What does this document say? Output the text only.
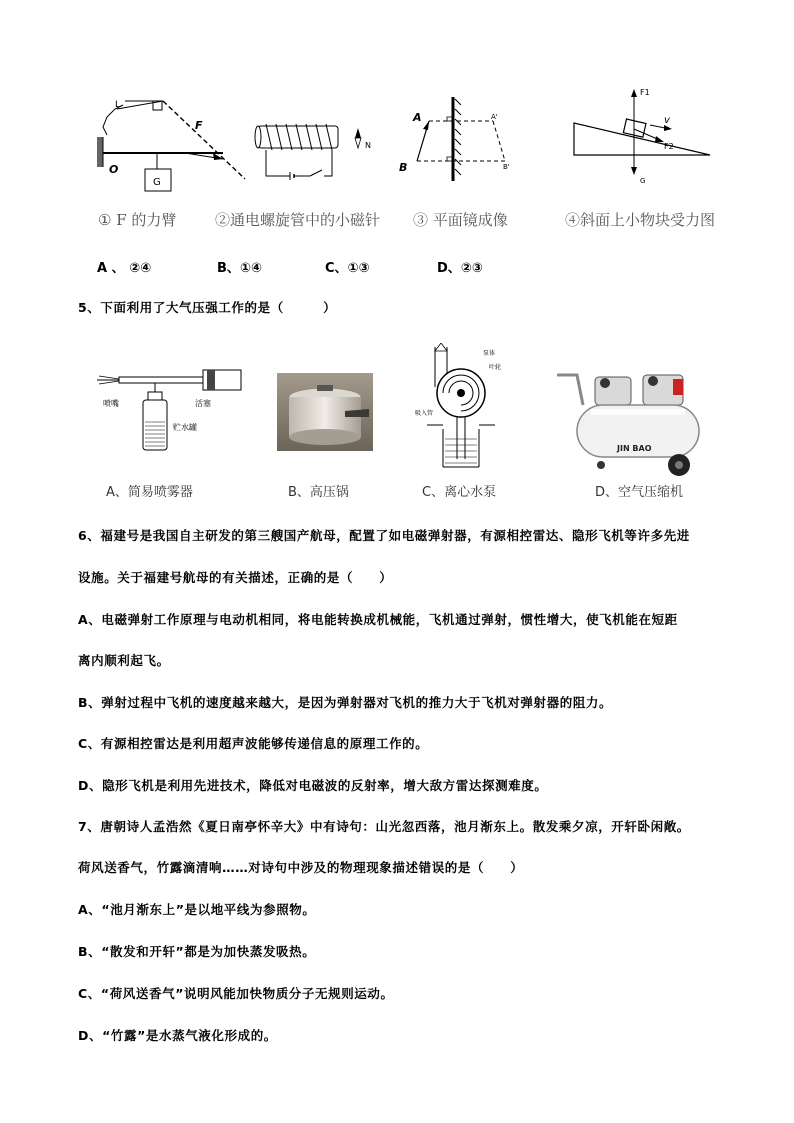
L
F
O
G
N
A
B
A'
B'
F1
v
F2
G
① F 的力臂	②通电螺旋管中的小磁针 ③ 平面镜成像	④斜面上小物块受力图
A 、 ②④	B、①④	C、①③	D、②③
5、下面利用了大气压强工作的是（　　　）
喷嘴	活塞
贮水罐
泵体
叶轮
吸入管
JIN BAO
A、简易喷雾器	B、高压锅	C、离心水泵	D、空气压缩机
6、福建号是我国自主研发的第三艘国产航母，配置了如电磁弹射器，有源相控雷达、隐形飞机等许多先进
设施。关于福建号航母的有关描述，正确的是（　　）
A、电磁弹射工作原理与电动机相同，将电能转换成机械能，飞机通过弹射，惯性增大，使飞机能在短距
离内顺利起飞。
B、弹射过程中飞机的速度越来越大，是因为弹射器对飞机的推力大于飞机对弹射器的阻力。
C、有源相控雷达是利用超声波能够传递信息的原理工作的。
D、隐形飞机是利用先进技术，降低对电磁波的反射率，增大敌方雷达探测难度。
7、唐朝诗人孟浩然《夏日南亭怀辛大》中有诗句：山光忽西落，池月渐东上。散发乘夕凉，开轩卧闲敞。
荷风送香气，竹露滴清响……对诗句中涉及的物理现象描述错误的是（　　）
A、“池月渐东上”是以地平线为参照物。
B、“散发和开轩”都是为加快蒸发吸热。
C、“荷风送香气”说明风能加快物质分子无规则运动。
D、“竹露”是水蒸气液化形成的。
